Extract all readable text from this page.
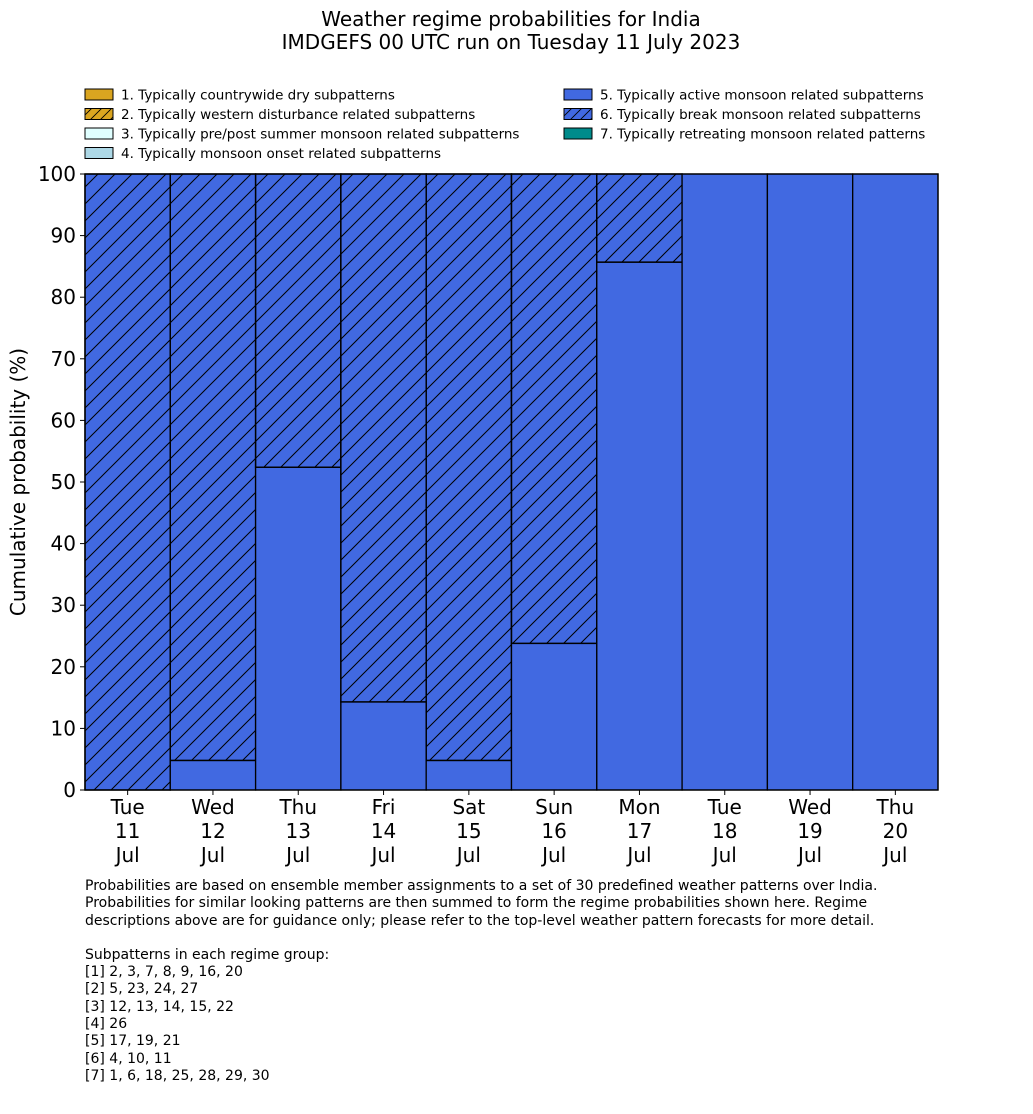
Weather regime probabilities for India
IMDGEFS 00 UTC run on Tuesday 11 July 2023
1. Typically countrywide dry subpatterns
2. Typically western disturbance related subpatterns
3. Typically pre/post summer monsoon related subpatterns
4. Typically monsoon onset related subpatterns
5. Typically active monsoon related subpatterns
6. Typically break monsoon related subpatterns
7. Typically retreating monsoon related patterns
0
10
20
30
40
50
60
70
80
90
100
Tue
11
Jul
Wed
12
Jul
Thu
13
Jul
Fri
14
Jul
Sat
15
Jul
Sun
16
Jul
Mon
17
Jul
Tue
18
Jul
Wed
19
Jul
Thu
20
Jul
Cumulative probability (%)

Probabilities are based on ensemble member assignments to a set of 30 predefined weather patterns over India.

Probabilities for similar looking patterns are then summed to form the regime probabilities shown here. Regime

descriptions above are for guidance only; please refer to the top-level weather pattern forecasts for more detail.

Subpatterns in each regime group:

[1] 2, 3, 7, 8, 9, 16, 20

[2] 5, 23, 24, 27

[3] 12, 13, 14, 15, 22

[4] 26

[5] 17, 19, 21

[6] 4, 10, 11

[7] 1, 6, 18, 25, 28, 29, 30
